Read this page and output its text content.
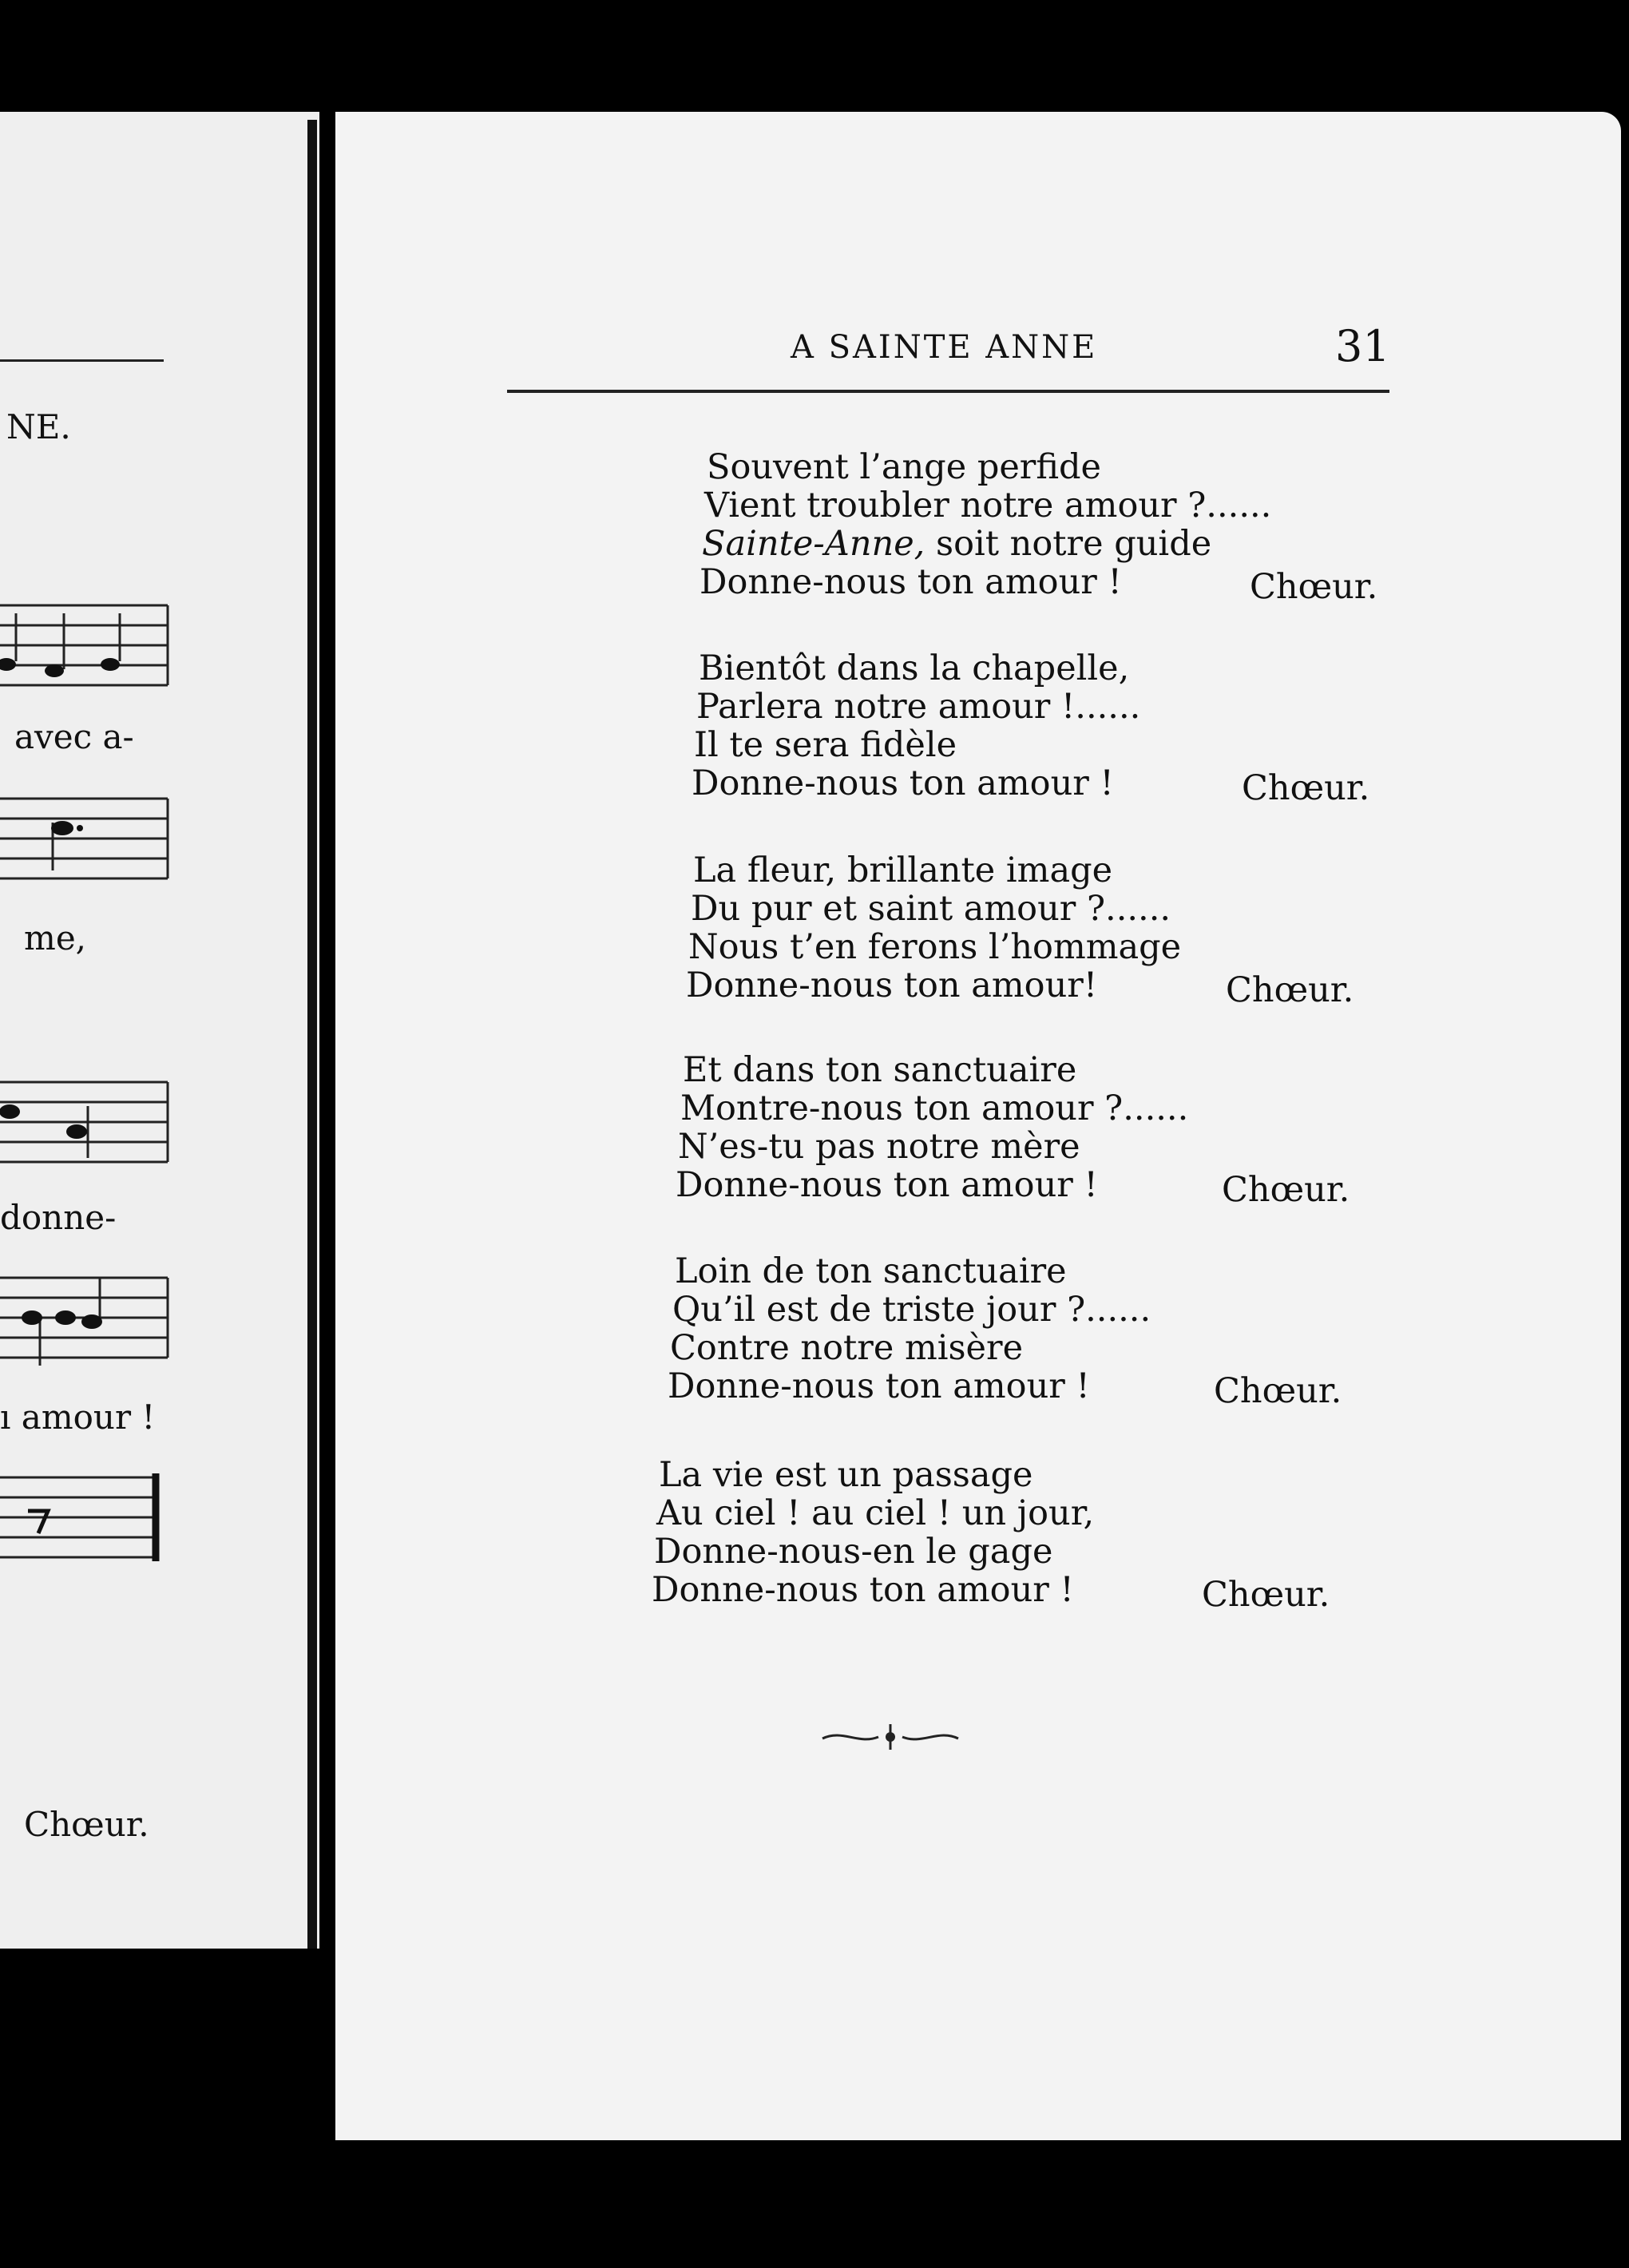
NE.
avec a-
me,
donne-
ı amour !
Chœur.
A SAINTE ANNE	31
Souvent l’ange perfide
Vient troubler notre amour ?......
Sainte-Anne, soit notre guide
Donne-nous ton amour !	Chœur.
Bientôt dans la chapelle,
Parlera notre amour !......
Il te sera fidèle
Donne-nous ton amour !	Chœur.
La fleur, brillante image
Du pur et saint amour ?......
Nous t’en ferons l’hommage
Donne-nous ton amour!	Chœur.
Et dans ton sanctuaire
Montre-nous ton amour ?......
N’es-tu pas notre mère
Donne-nous ton amour !	Chœur.
Loin de ton sanctuaire
Qu’il est de triste jour ?......
Contre notre misère
Donne-nous ton amour !	Chœur.
La vie est un passage
Au ciel ! au ciel ! un jour,
Donne-nous-en le gage
Donne-nous ton amour !	Chœur.
